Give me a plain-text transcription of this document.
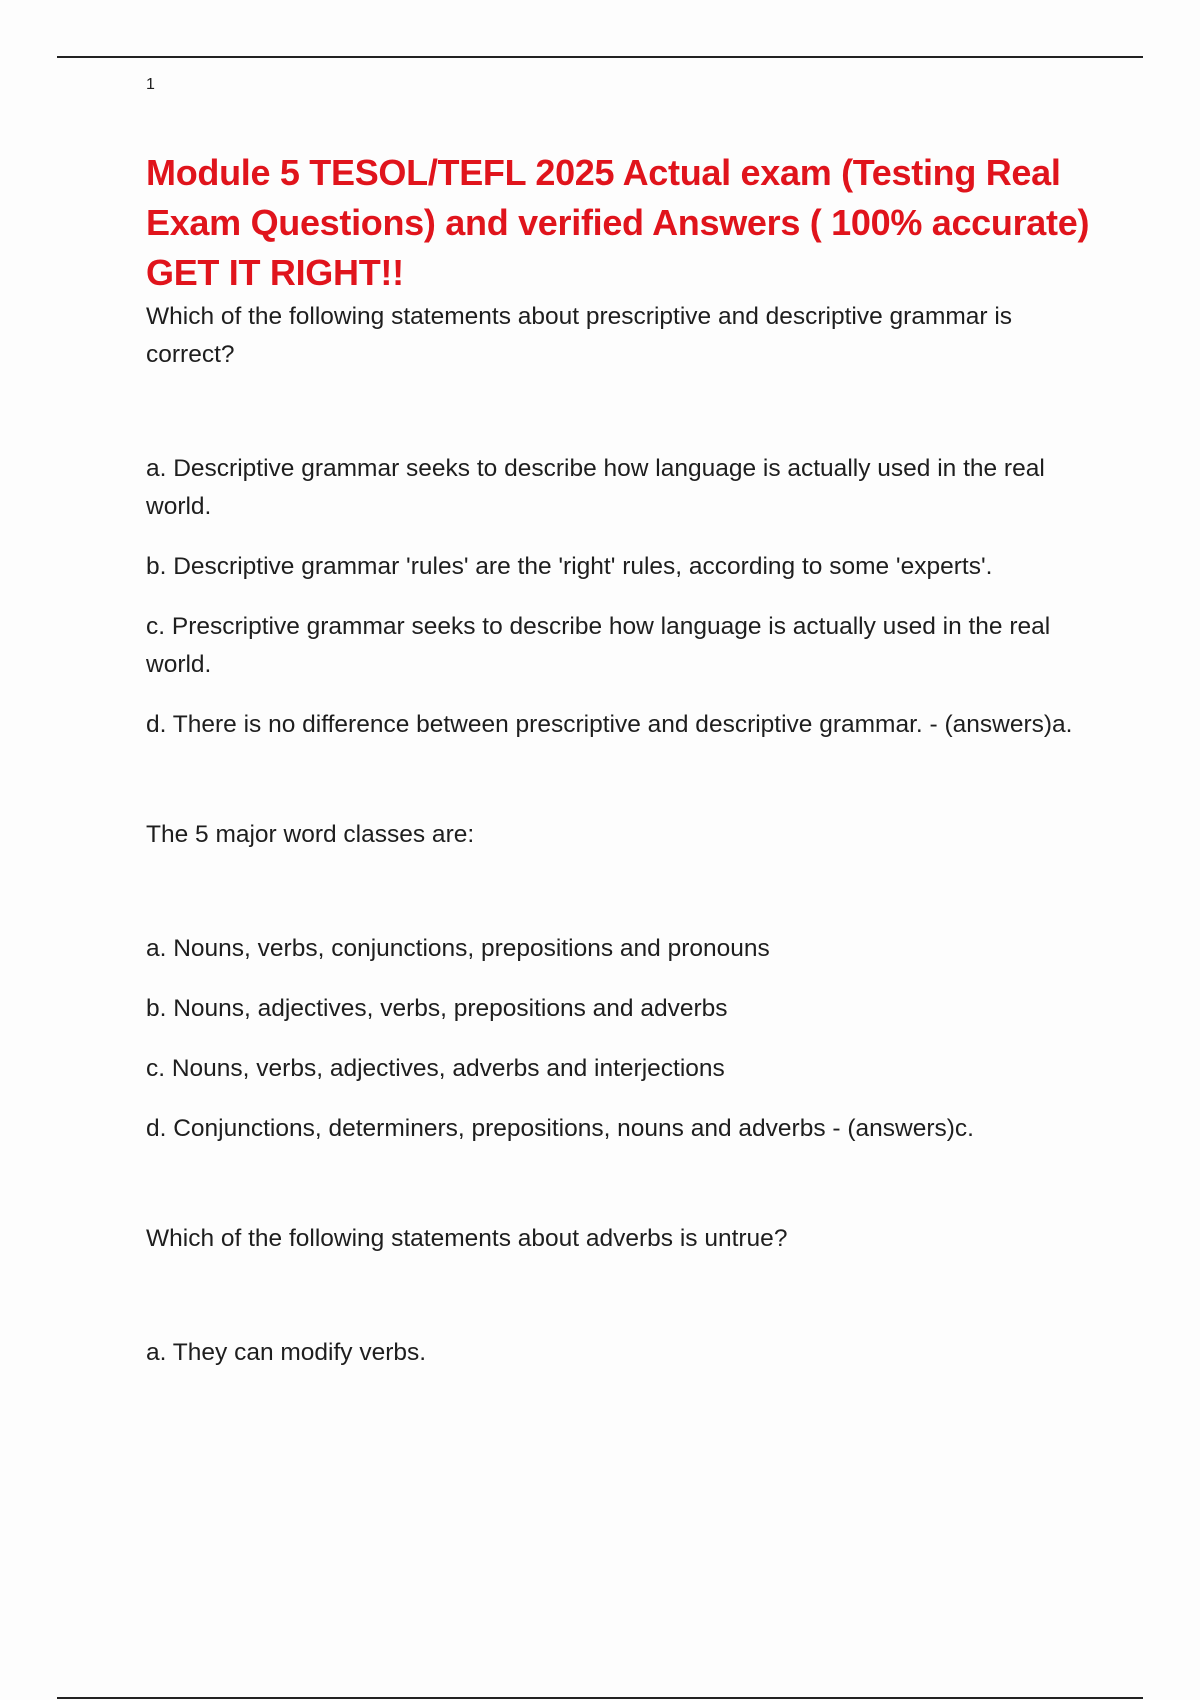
1
Module 5 TESOL/TEFL 2025 Actual exam (Testing Real Exam Questions) and verified Answers ( 100% accurate) GET IT RIGHT!!

Which of the following statements about prescriptive and descriptive grammar is correct?

a. Descriptive grammar seeks to describe how language is actually used in the real world.

b. Descriptive grammar 'rules' are the 'right' rules, according to some 'experts'.

c. Prescriptive grammar seeks to describe how language is actually used in the real world.

d. There is no difference between prescriptive and descriptive grammar. - (answers)a.

The 5 major word classes are:

a. Nouns, verbs, conjunctions, prepositions and pronouns

b. Nouns, adjectives, verbs, prepositions and adverbs

c. Nouns, verbs, adjectives, adverbs and interjections

d. Conjunctions, determiners, prepositions, nouns and adverbs - (answers)c.

Which of the following statements about adverbs is untrue?

a. They can modify verbs.
